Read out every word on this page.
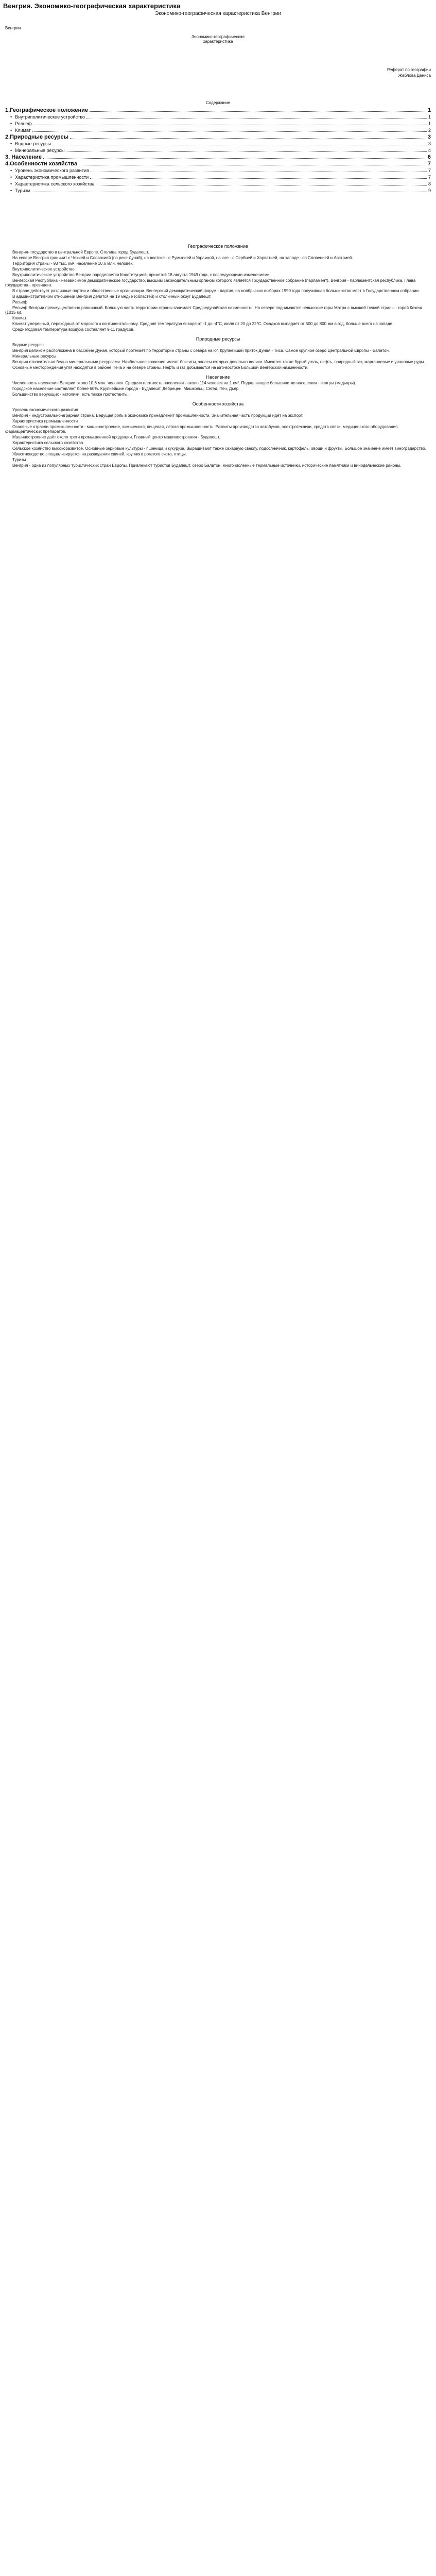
Венгрия. Экономико-географическая характеристика
Экономико-географическая характеристика Венгрии
Венгрия
Экономико-географическая
характеристика
Реферат по географии
Жаблова Дениса
Содержание
1.Географическое положение	1
• Внутриполитическое устройство	1
• Рельеф	1
• Климат	2
2.Природные ресурсы	3
• Водные ресурсы	3
• Минеральные ресурсы	4
3. Население	6
4.Особенности хозяйства	7
• Уровень экономического развития	7
• Характеристика промышленности	7
• Характеристика сельского хозяйства	8
• Туризм	9
Географическое положение
Венгрия- государство в центральной Европе. Столица город Будапешт.
На севере Венгрия граничит с Чехией и Словакией (по реке Дунай), на востоке - с Румынией и Украиной, на юге - с Сербией и Хорватией, на западе - со Словенией и Австрией.
Территория страны - 93 тыс. км², население 10,6 млн. человек.
Внутриполитическое устройство
Внутриполитическое устройство Венгрии определяется Конституцией, принятой 18 августа 1949 года, с последующими изменениями.
Венгерская Республика - независимое демократическое государство, высшим законодательным органом которого является Государственное собрание (парламент). Венгрия - парламентская республика. Глава государства - президент.
В стране действует различные партии и общественные организации. Венгерский демократический форум - партия, на ноябрьских выборах 1990 года получившая большинство мест в Государственном собрании.
В административном отношении Венгрия делится на 19 медье (областей) и столичный округ Будапешт.
Рельеф
Рельеф Венгрии преимущественно равнинный. Большую часть территории страны занимает Среднедунайская низменность. На севере поднимаются невысокие горы Матра с высшей точкой страны - горой Кекеш (1015 м).
Климат
Климат умеренный, переходный от морского к континентальному. Средняя температура января от -1 до -4°С, июля от 20 до 22°С. Осадков выпадает от 500 до 800 мм в год, больше всего на западе.
Среднегодовая температура воздуха составляет 9-11 градусов.
Природные ресурсы
Водные ресурсы
Венгрия целиком расположена в бассейне Дуная, который протекает по территории страны с севера на юг. Крупнейший приток Дуная - Тиса. Самое крупное озеро Центральной Европы - Балатон.
Минеральные ресурсы
Венгрия относительно бедна минеральными ресурсами. Наибольшее значение имеют бокситы, запасы которых довольно велики. Имеются также бурый уголь, нефть, природный газ, марганцевые и урановые руды.
Основные месторождения угля находятся в районе Печа и на севере страны. Нефть и газ добываются на юго-востоке Большой Венгерской низменности.
Население
Численность населения Венгрии около 10,6 млн. человек. Средняя плотность населения - около 114 человек на 1 км². Подавляющее большинство населения - венгры (мадьяры).
Городское население составляет более 60%. Крупнейшие города - Будапешт, Дебрецен, Мишкольц, Сегед, Печ, Дьёр.
Большинство верующих - католики, есть также протестанты.
Особенности хозяйства
Уровень экономического развития
Венгрия - индустриально-аграрная страна. Ведущая роль в экономике принадлежит промышленности. Значительная часть продукции идёт на экспорт.
Характеристика промышленности
Основные отрасли промышленности - машиностроение, химическая, пищевая, лёгкая промышленность. Развиты производство автобусов, электротехники, средств связи, медицинского оборудования, фармацевтических препаратов.
Машиностроение даёт около трети промышленной продукции. Главный центр машиностроения - Будапешт.
Характеристика сельского хозяйства
Сельское хозяйство высокоразвитое. Основные зерновые культуры - пшеница и кукуруза. Выращивают также сахарную свёклу, подсолнечник, картофель, овощи и фрукты. Большое значение имеет виноградарство.
Животноводство специализируется на разведении свиней, крупного рогатого скота, птицы.
Туризм
Венгрия - одна из популярных туристических стран Европы. Привлекают туристов Будапешт, озеро Балатон, многочисленные термальные источники, исторические памятники и винодельческие районы.
